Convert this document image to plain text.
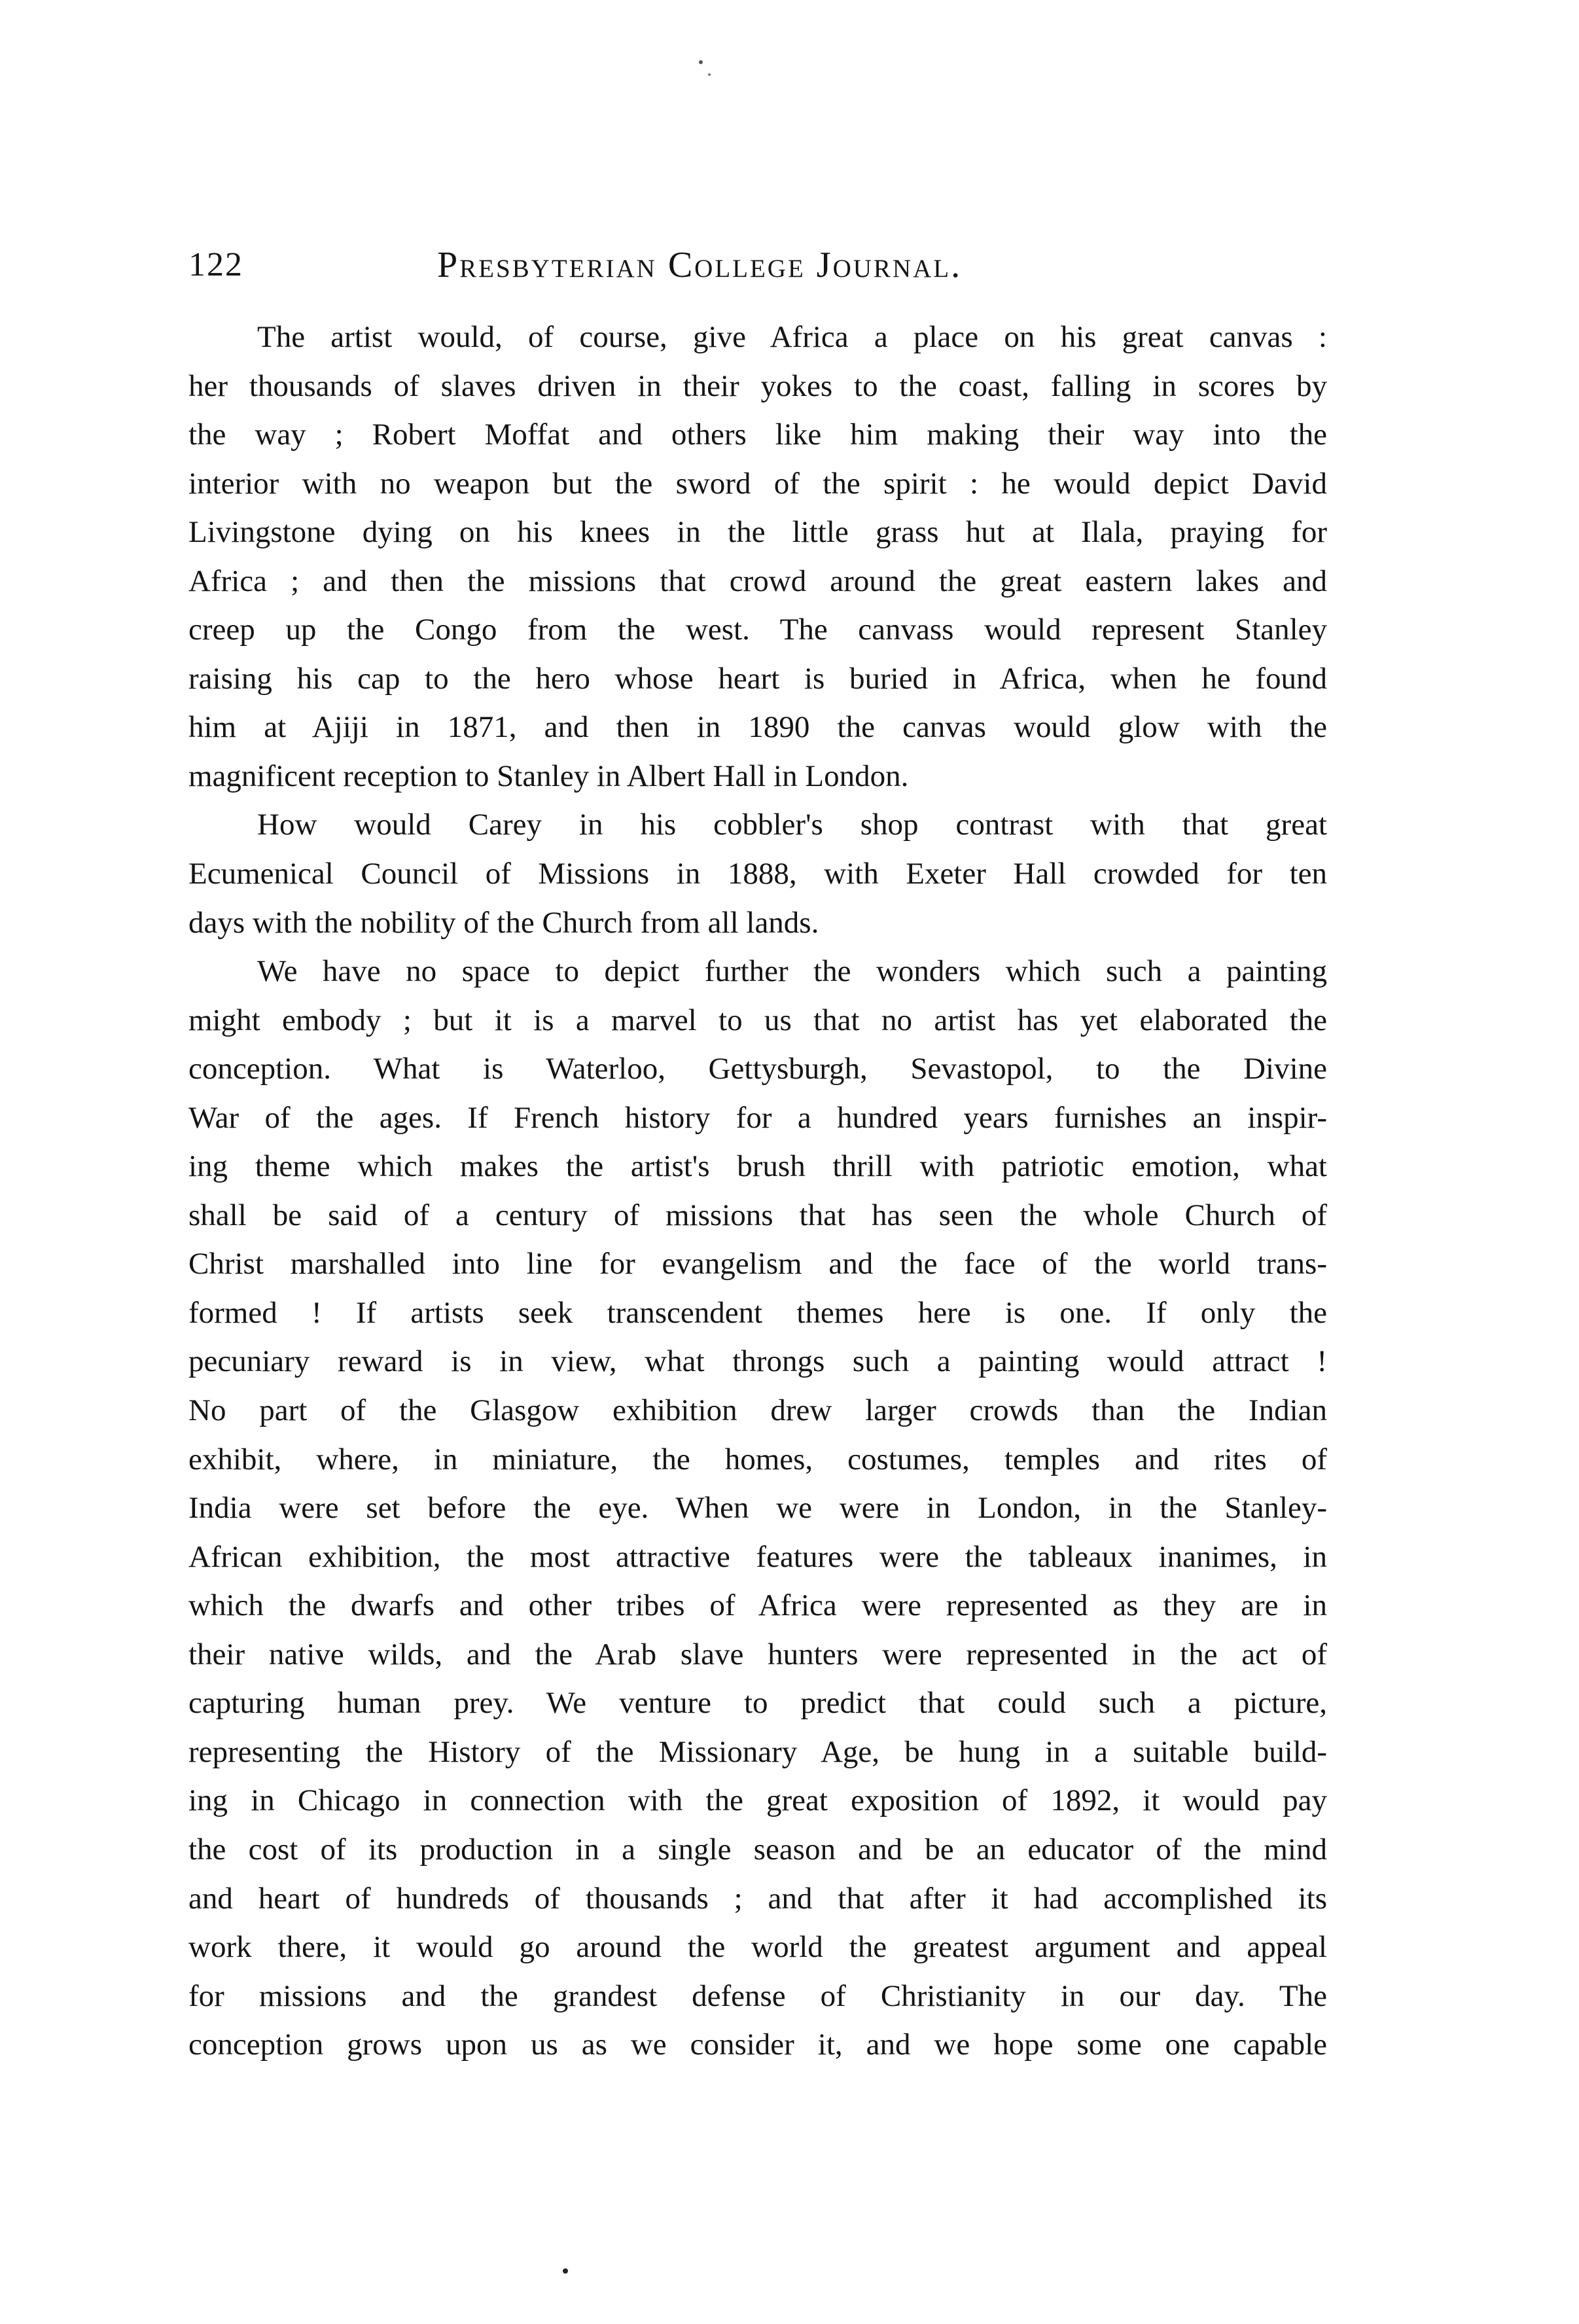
122	Presbyterian College Journal.
The artist would, of course, give Africa a place on his great canvas :
her thousands of slaves driven in their yokes to the coast, falling in scores by
the way ; Robert Moffat and others like him making their way into the
interior with no weapon but the sword of the spirit : he would depict David
Livingstone dying on his knees in the little grass hut at Ilala, praying for
Africa ; and then the missions that crowd around the great eastern lakes and
creep up the Congo from the west. The canvass would represent Stanley
raising his cap to the hero whose heart is buried in Africa, when he found
him at Ajiji in 1871, and then in 1890 the canvas would glow with the
magnificent reception to Stanley in Albert Hall in London.
How would Carey in his cobbler's shop contrast with that great
Ecumenical Council of Missions in 1888, with Exeter Hall crowded for ten
days with the nobility of the Church from all lands.
We have no space to depict further the wonders which such a painting
might embody ; but it is a marvel to us that no artist has yet elaborated the
conception. What is Waterloo, Gettysburgh, Sevastopol, to the Divine
War of the ages. If French history for a hundred years furnishes an inspir-
ing theme which makes the artist's brush thrill with patriotic emotion, what
shall be said of a century of missions that has seen the whole Church of
Christ marshalled into line for evangelism and the face of the world trans-
formed ! If artists seek transcendent themes here is one. If only the
pecuniary reward is in view, what throngs such a painting would attract !
No part of the Glasgow exhibition drew larger crowds than the Indian
exhibit, where, in miniature, the homes, costumes, temples and rites of
India were set before the eye. When we were in London, in the Stanley-
African exhibition, the most attractive features were the tableaux inanimes, in
which the dwarfs and other tribes of Africa were represented as they are in
their native wilds, and the Arab slave hunters were represented in the act of
capturing human prey. We venture to predict that could such a picture,
representing the History of the Missionary Age, be hung in a suitable build-
ing in Chicago in connection with the great exposition of 1892, it would pay
the cost of its production in a single season and be an educator of the mind
and heart of hundreds of thousands ; and that after it had accomplished its
work there, it would go around the world the greatest argument and appeal
for missions and the grandest defense of Christianity in our day. The
conception grows upon us as we consider it, and we hope some one capable
